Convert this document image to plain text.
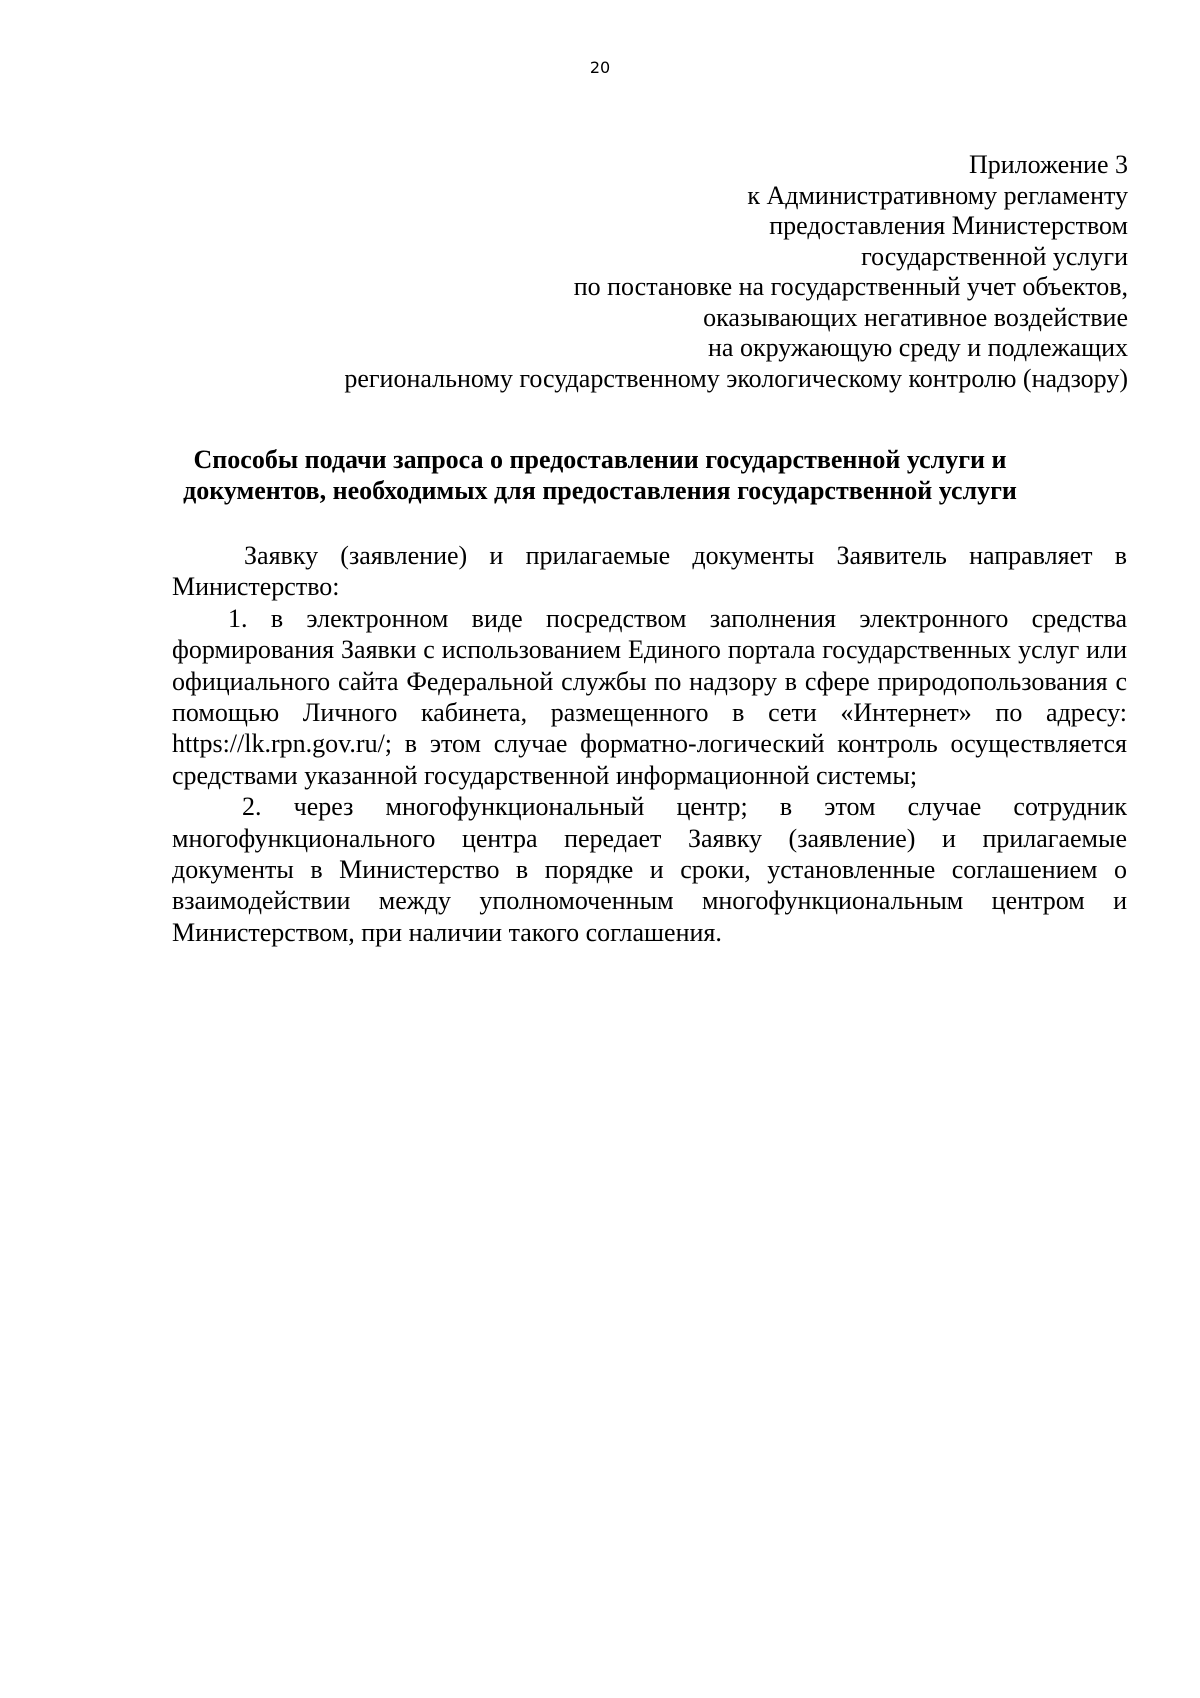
20
Приложение 3
к Административному регламенту
предоставления Министерством
государственной услуги
по постановке на государственный учет объектов,
оказывающих негативное воздействие
на окружающую среду и подлежащих
региональному государственному экологическому контролю (надзору)
Способы подачи запроса о предоставлении государственной услуги и
документов, необходимых для предоставления государственной услуги

Заявку (заявление) и прилагаемые документы Заявитель направляет в Министерство:

1. в электронном виде посредством заполнения электронного средства формирования Заявки с использованием Единого портала государственных услуг или официального сайта Федеральной службы по надзору в сфере природопользования с помощью Личного кабинета, размещенного в сети «Интернет» по адресу: https://lk.rpn.gov.ru/; в этом случае форматно-логический контроль осуществляется средствами указанной государственной информационной системы;

2. через многофункциональный центр; в этом случае сотрудник многофункционального центра передает Заявку (заявление) и прилагаемые документы в Министерство в порядке и сроки, установленные соглашением о взаимодействии между уполномоченным многофункциональным центром и Министерством, при наличии такого соглашения.
